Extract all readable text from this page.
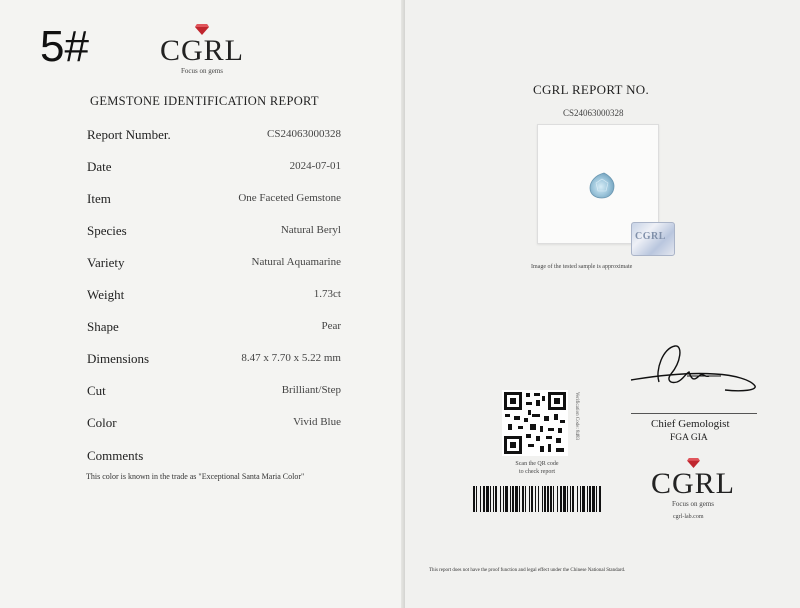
5# CGRL
Focus on gems
GEMSTONE IDENTIFICATION REPORT
Report Number.	CS24063000328
Date	2024-07-01
Item	One Faceted Gemstone
Species	Natural Beryl
Variety	Natural Aquamarine
Weight	1.73ct
Shape	Pear
Dimensions	8.47 x 7.70 x 5.22 mm
Cut	Brilliant/Step
Color	Vivid Blue
Comments
This color is known in the trade as "Exceptional Santa Maria Color"
CGRL REPORT NO.
CS24063000328
CGRL
Image of the tested sample is approximate
Chief Gemologist
FGA GIA
Verification Code: 8483
Scan the QR code
to check report	CGRL
Focus on gems
cgrl-lab.com
This report does not have the proof function and legal effect under the Chinese National Standard.
